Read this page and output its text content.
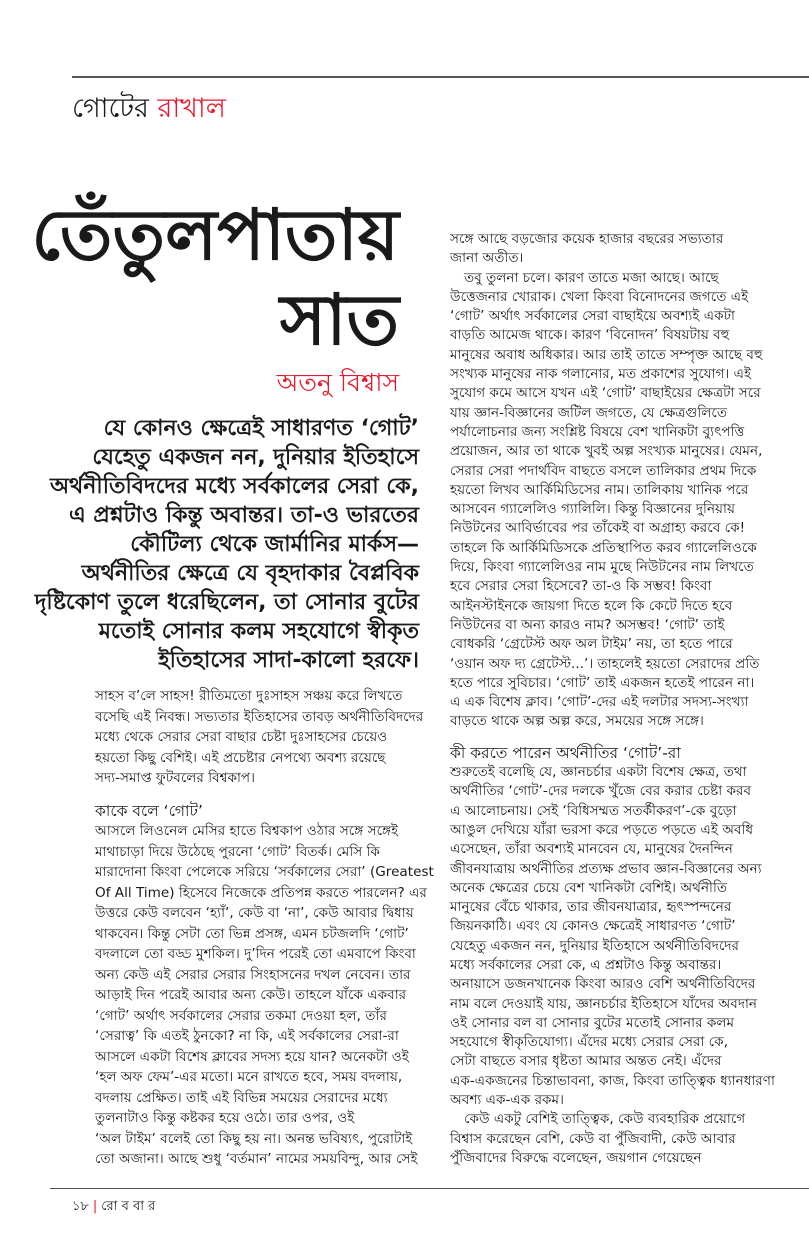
গোটের রাখাল
তেঁতুলপাতায়
সাত
অতনু বিশ্বাস
যে কোনও ক্ষেত্রেই সাধারণত ‘গোট’
যেহেতু একজন নন, দুনিয়ার ইতিহাসে
অর্থনীতিবিদদের মধ্যে সর্বকালের সেরা কে,
এ প্রশ্নটাও কিন্তু অবান্তর। তা-ও ভারতের
কৌটিল্য থেকে জার্মানির মার্কস—
অর্থনীতির ক্ষেত্রে যে বৃহদাকার বৈপ্লবিক
দৃষ্টিকোণ তুলে ধরেছিলেন, তা সোনার বুটের
মতোই সোনার কলম সহযোগে স্বীকৃত
ইতিহাসের সাদা-কালো হরফে।
সাহস ব’লে সাহস! রীতিমতো দুঃসাহস সঞ্চয় করে লিখতে
বসেছি এই নিবন্ধ। সভ্যতার ইতিহাসের তাবড় অর্থনীতিবিদদের
মধ্যে থেকে সেরার সেরা বাছার চেষ্টা দুঃসাহসের চেয়েও
হয়তো কিছু বেশিই। এই প্রচেষ্টার নেপথ্যে অবশ্য রয়েছে
সদ্য-সমাপ্ত ফুটবলের বিশ্বকাপ।
কাকে বলে ‘গোট’
আসলে লিওনেল মেসির হাতে বিশ্বকাপ ওঠার সঙ্গে সঙ্গেই
মাথাচাড়া দিয়ে উঠেছে পুরনো ‘গোট’ বিতর্ক। মেসি কি
মারাদোনা কিংবা পেলেকে সরিয়ে ‘সর্বকালের সেরা’ (Greatest
Of All Time) হিসেবে নিজেকে প্রতিপন্ন করতে পারলেন? এর
উত্তরে কেউ বলবেন ‘হ্যাঁ’, কেউ বা ‘না’, কেউ আবার দ্বিধায়
থাকবেন। কিন্তু সেটা তো ভিন্ন প্রসঙ্গ, এমন চটজলদি ‘গোট’
বদলালে তো বড্ড মুশকিল। দু’দিন পরেই তো এমবাপে কিংবা
অন্য কেউ এই সেরার সেরার সিংহাসনের দখল নেবেন। তার
আড়াই দিন পরেই আবার অন্য কেউ। তাহলে যাঁকে একবার
‘গোট’ অর্থাৎ সর্বকালের সেরার তকমা দেওয়া হল, তাঁর
‘সেরাত্ব’ কি এতই ঠুনকো? না কি, এই সর্বকালের সেরা-রা
আসলে একটা বিশেষ ক্লাবের সদস্য হয়ে যান? অনেকটা ওই
‘হল অফ ফেম’-এর মতো। মনে রাখতে হবে, সময় বদলায়,
বদলায় প্রেক্ষিত। তাই এই বিভিন্ন সময়ের সেরাদের মধ্যে
তুলনাটাও কিন্তু কষ্টকর হয়ে ওঠে। তার ওপর, ওই
‘অল টাইম’ বলেই তো কিছু হয় না। অনন্ত ভবিষ্যৎ, পুরোটাই
তো অজানা। আছে শুধু ‘বর্তমান’ নামের সময়বিন্দু, আর সেই
সঙ্গে আছে বড়জোর কয়েক হাজার বছরের সভ্যতার
জানা অতীত।
তবু তুলনা চলে। কারণ তাতে মজা আছে। আছে
উত্তেজনার খোরাক। খেলা কিংবা বিনোদনের জগতে এই
‘গোট’ অর্থাৎ সর্বকালের সেরা বাছাইয়ে অবশ্যই একটা
বাড়তি আমেজ থাকে। কারণ ‘বিনোদন’ বিষয়টায় বহু
মানুষের অবাধ অধিকার। আর তাই তাতে সম্পৃক্ত আছে বহু
সংখ্যক মানুষের নাক গলানোর, মত প্রকাশের সুযোগ। এই
সুযোগ কমে আসে যখন এই ‘গোট’ বাছাইয়ের ক্ষেত্রটা সরে
যায় জ্ঞান-বিজ্ঞানের জটিল জগতে, যে ক্ষেত্রগুলিতে
পর্যালোচনার জন্য সংশ্লিষ্ট বিষয়ে বেশ খানিকটা ব্যুৎপত্তি
প্রয়োজন, আর তা থাকে খুবই অল্প সংখ্যক মানুষের। যেমন,
সেরার সেরা পদার্থবিদ বাছতে বসলে তালিকার প্রথম দিকে
হয়তো লিখব আর্কিমিডিসের নাম। তালিকায় খানিক পরে
আসবেন গ্যালেলিও গ্যালিলি। কিন্তু বিজ্ঞানের দুনিয়ায়
নিউটনের আবির্ভাবের পর তাঁকেই বা অগ্রাহ্য করবে কে!
তাহলে কি আর্কিমিডিসকে প্রতিস্থাপিত করব গ্যালেলিওকে
দিয়ে, কিংবা গ্যালেলিওর নাম মুছে নিউটনের নাম লিখতে
হবে সেরার সেরা হিসেবে? তা-ও কি সম্ভব! কিংবা
আইনস্টাইনকে জায়গা দিতে হলে কি কেটে দিতে হবে
নিউটনের বা অন্য কারও নাম? অসম্ভব! ‘গোট’ তাই
বোধকরি ‘গ্রেটেস্ট অফ অল টাইম’ নয়, তা হতে পারে
‘ওয়ান অফ দ্য গ্রেটেস্ট...’। তাহলেই হয়তো সেরাদের প্রতি
হতে পারে সুবিচার। ‘গোট’ তাই একজন হতেই পারেন না।
এ এক বিশেষ ক্লাব। ‘গোট’-দের এই দলটার সদস্য-সংখ্যা
বাড়তে থাকে অল্প অল্প করে, সময়ের সঙ্গে সঙ্গে।
কী করতে পারেন অর্থনীতির ‘গোট’-রা
শুরুতেই বলেছি যে, জ্ঞানচর্চার একটা বিশেষ ক্ষেত্র, তথা
অর্থনীতির ‘গোট’-দের দলকে খুঁজে বের করার চেষ্টা করব
এ আলোচনায়। সেই ‘বিধিসম্মত সতর্কীকরণ’-কে বুড়ো
আঙুল দেখিয়ে যাঁরা ভরসা করে পড়তে পড়তে এই অবধি
এসেছেন, তাঁরা অবশ্যই মানবেন যে, মানুষের দৈনন্দিন
জীবনযাত্রায় অর্থনীতির প্রত্যক্ষ প্রভাব জ্ঞান-বিজ্ঞানের অন্য
অনেক ক্ষেত্রের চেয়ে বেশ খানিকটা বেশিই। অর্থনীতি
মানুষের বেঁচে থাকার, তার জীবনযাত্রার, হৃৎস্পন্দনের
জিয়নকাঠি। এবং যে কোনও ক্ষেত্রেই সাধারণত ‘গোট’
যেহেতু একজন নন, দুনিয়ার ইতিহাসে অর্থনীতিবিদদের
মধ্যে সর্বকালের সেরা কে, এ প্রশ্নটাও কিন্তু অবান্তর।
অনায়াসে ডজনখানেক কিংবা আরও বেশি অর্থনীতিবিদের
নাম বলে দেওয়াই যায়, জ্ঞানচর্চার ইতিহাসে যাঁদের অবদান
ওই সোনার বল বা সোনার বুটের মতোই সোনার কলম
সহযোগে স্বীকৃতিযোগ্য। এঁদের মধ্যে সেরার সেরা কে,
সেটা বাছতে বসার ধৃষ্টতা আমার অন্তত নেই। এঁদের
এক-একজনের চিন্তাভাবনা, কাজ, কিংবা তাত্ত্বিক ধ্যানধারণা
অবশ্য এক-এক রকম।
কেউ একটু বেশিই তাত্ত্বিক, কেউ ব্যবহারিক প্রয়োগে
বিশ্বাস করেছেন বেশি, কেউ বা পুঁজিবাদী, কেউ আবার
পুঁজিবাদের বিরুদ্ধে বলেছেন, জয়গান গেয়েছেন
১৮ | রো ব বা র
